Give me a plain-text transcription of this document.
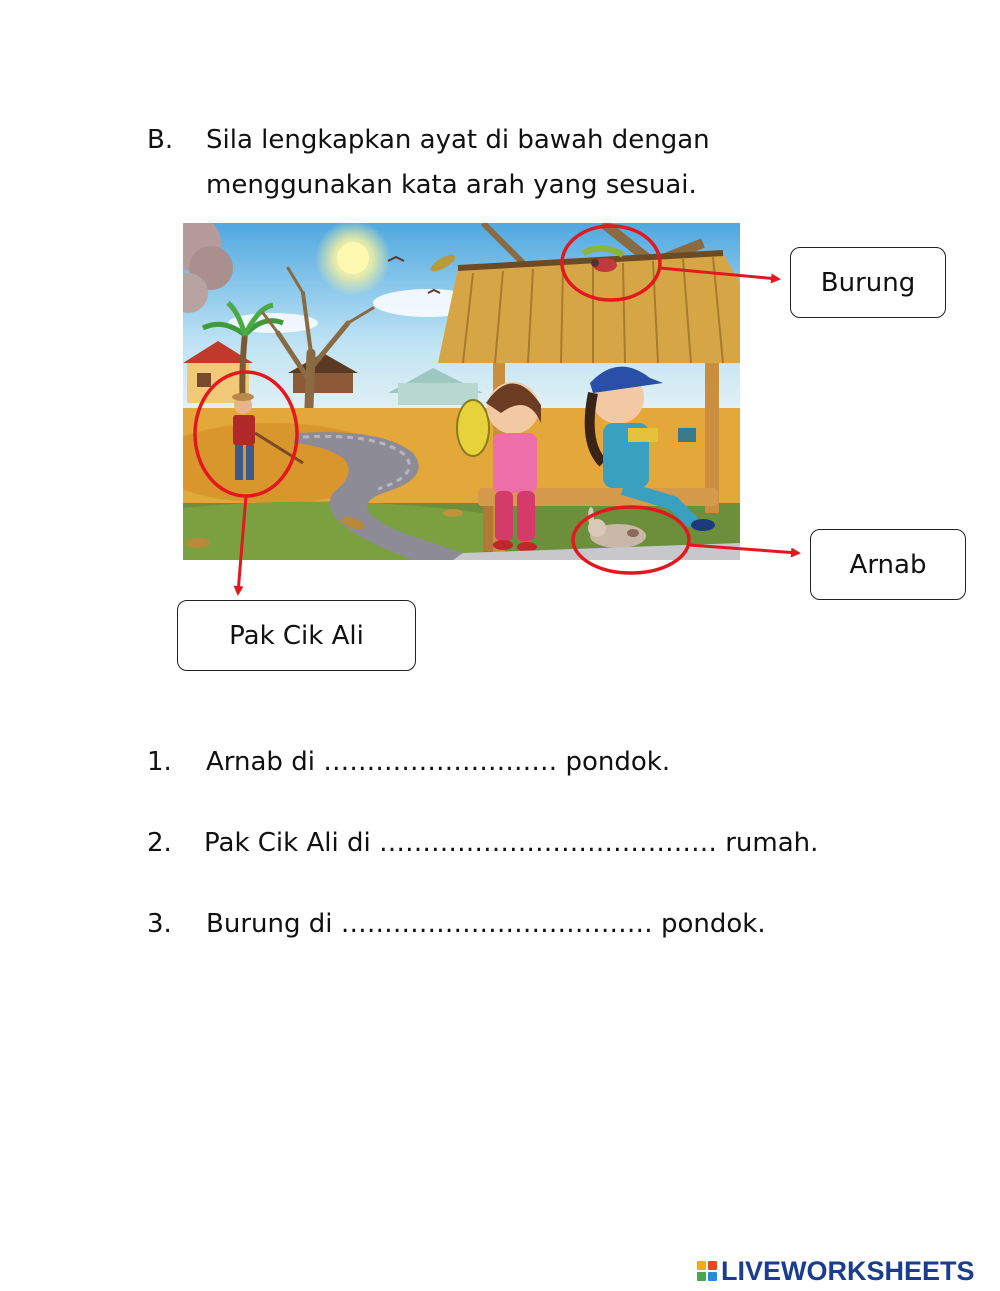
B. Sila lengkapkan ayat di bawah dengan
menggunakan kata arah yang sesuai.
Burung
Arnab
Pak Cik Ali
1. Arnab di ……………………… pondok.
2. Pak Cik Ali di ………………………………… rumah.
3. Burung di ……………………………… pondok.
LIVEWORKSHEETS
